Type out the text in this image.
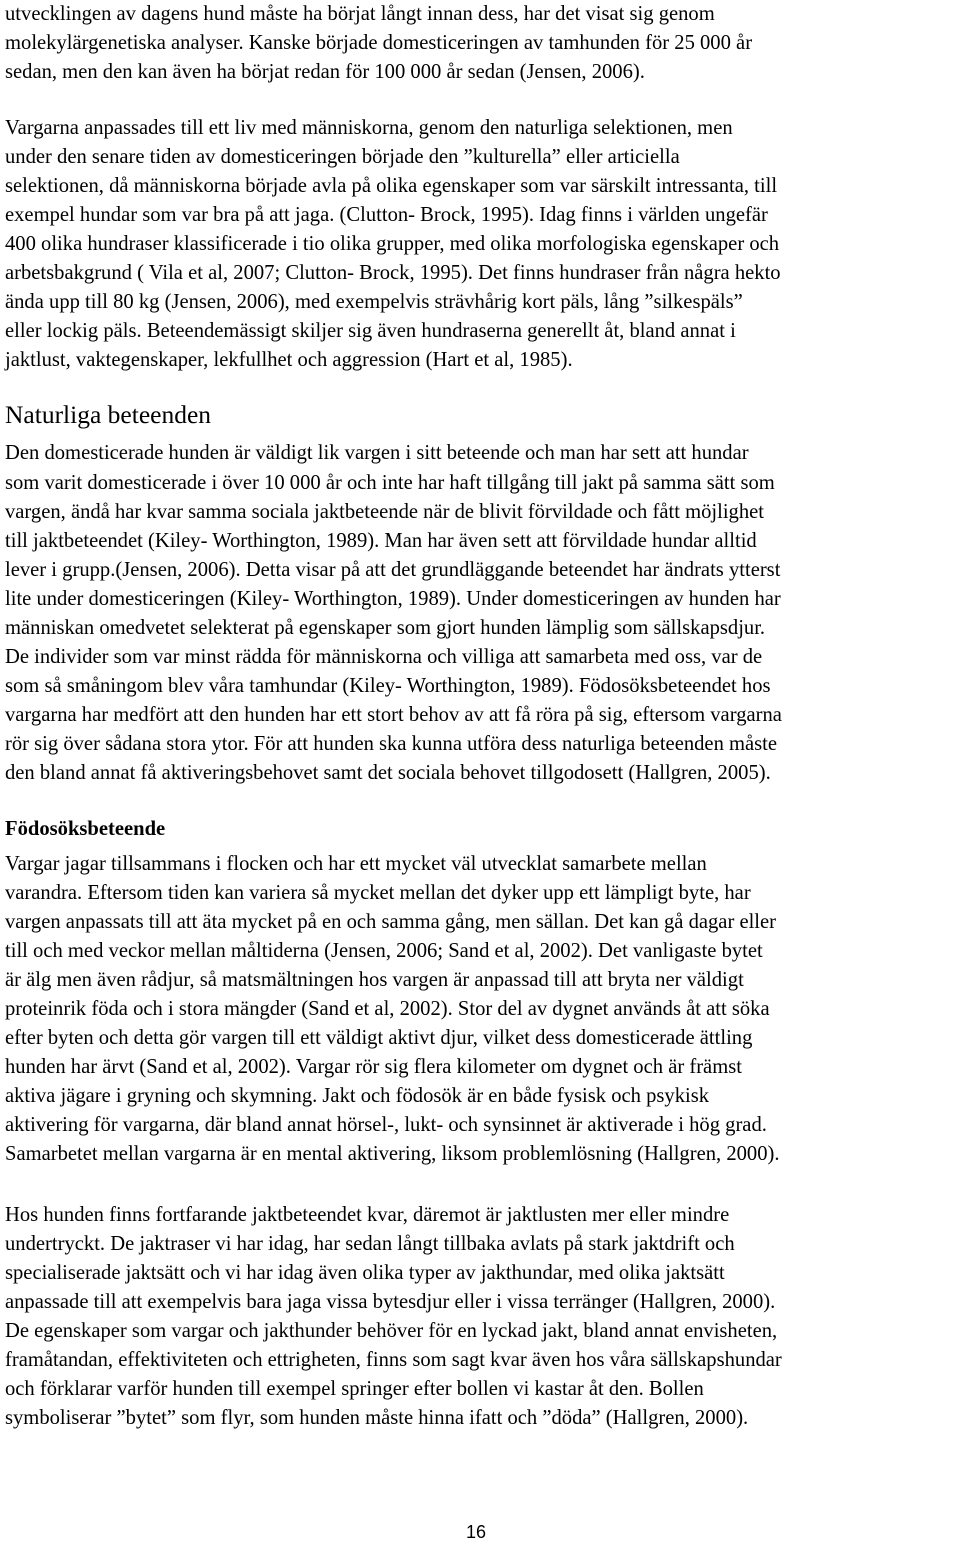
utvecklingen av dagens hund måste ha börjat långt innan dess, har det visat sig genom

molekylärgenetiska analyser. Kanske började domesticeringen av tamhunden för 25 000 år

sedan, men den kan även ha börjat redan för 100 000 år sedan (Jensen, 2006).

Vargarna anpassades till ett liv med människorna, genom den naturliga selektionen, men

under den senare tiden av domesticeringen började den ”kulturella” eller articiella

selektionen, då människorna började avla på olika egenskaper som var särskilt intressanta, till

exempel hundar som var bra på att jaga. (Clutton- Brock, 1995). Idag finns i världen ungefär

400 olika hundraser klassificerade i tio olika grupper, med olika morfologiska egenskaper och

arbetsbakgrund ( Vila et al, 2007; Clutton- Brock, 1995). Det finns hundraser från några hekto

ända upp till 80 kg (Jensen, 2006), med exempelvis strävhårig kort päls, lång ”silkespäls”

eller lockig päls. Beteendemässigt skiljer sig även hundraserna generellt åt, bland annat i

jaktlust, vaktegenskaper, lekfullhet och aggression (Hart et al, 1985).

Naturliga beteenden

Den domesticerade hunden är väldigt lik vargen i sitt beteende och man har sett att hundar

som varit domesticerade i över 10 000 år och inte har haft tillgång till jakt på samma sätt som

vargen, ändå har kvar samma sociala jaktbeteende när de blivit förvildade och fått möjlighet

till jaktbeteendet (Kiley- Worthington, 1989). Man har även sett att förvildade hundar alltid

lever i grupp.(Jensen, 2006). Detta visar på att det grundläggande beteendet har ändrats ytterst

lite under domesticeringen (Kiley- Worthington, 1989). Under domesticeringen av hunden har

människan omedvetet selekterat på egenskaper som gjort hunden lämplig som sällskapsdjur.

De individer som var minst rädda för människorna och villiga att samarbeta med oss, var de

som så småningom blev våra tamhundar (Kiley- Worthington, 1989). Födosöksbeteendet hos

vargarna har medfört att den hunden har ett stort behov av att få röra på sig, eftersom vargarna

rör sig över sådana stora ytor. För att hunden ska kunna utföra dess naturliga beteenden måste

den bland annat få aktiveringsbehovet samt det sociala behovet tillgodosett (Hallgren, 2005).

Födosöksbeteende

Vargar jagar tillsammans i flocken och har ett mycket väl utvecklat samarbete mellan

varandra. Eftersom tiden kan variera så mycket mellan det dyker upp ett lämpligt byte, har

vargen anpassats till att äta mycket på en och samma gång, men sällan. Det kan gå dagar eller

till och med veckor mellan måltiderna (Jensen, 2006; Sand et al, 2002). Det vanligaste bytet

är älg men även rådjur, så matsmältningen hos vargen är anpassad till att bryta ner väldigt

proteinrik föda och i stora mängder (Sand et al, 2002). Stor del av dygnet används åt att söka

efter byten och detta gör vargen till ett väldigt aktivt djur, vilket dess domesticerade ättling

hunden har ärvt (Sand et al, 2002). Vargar rör sig flera kilometer om dygnet och är främst

aktiva jägare i gryning och skymning. Jakt och födosök är en både fysisk och psykisk

aktivering för vargarna, där bland annat hörsel-, lukt- och synsinnet är aktiverade i hög grad.

Samarbetet mellan vargarna är en mental aktivering, liksom problemlösning (Hallgren, 2000).

Hos hunden finns fortfarande jaktbeteendet kvar, däremot är jaktlusten mer eller mindre

undertryckt. De jaktraser vi har idag, har sedan långt tillbaka avlats på stark jaktdrift och

specialiserade jaktsätt och vi har idag även olika typer av jakthundar, med olika jaktsätt

anpassade till att exempelvis bara jaga vissa bytesdjur eller i vissa terränger (Hallgren, 2000).

De egenskaper som vargar och jakthunder behöver för en lyckad jakt, bland annat envisheten,

framåtandan, effektiviteten och ettrigheten, finns som sagt kvar även hos våra sällskapshundar

och förklarar varför hunden till exempel springer efter bollen vi kastar åt den. Bollen

symboliserar ”bytet” som flyr, som hunden måste hinna ifatt och ”döda” (Hallgren, 2000).

16
